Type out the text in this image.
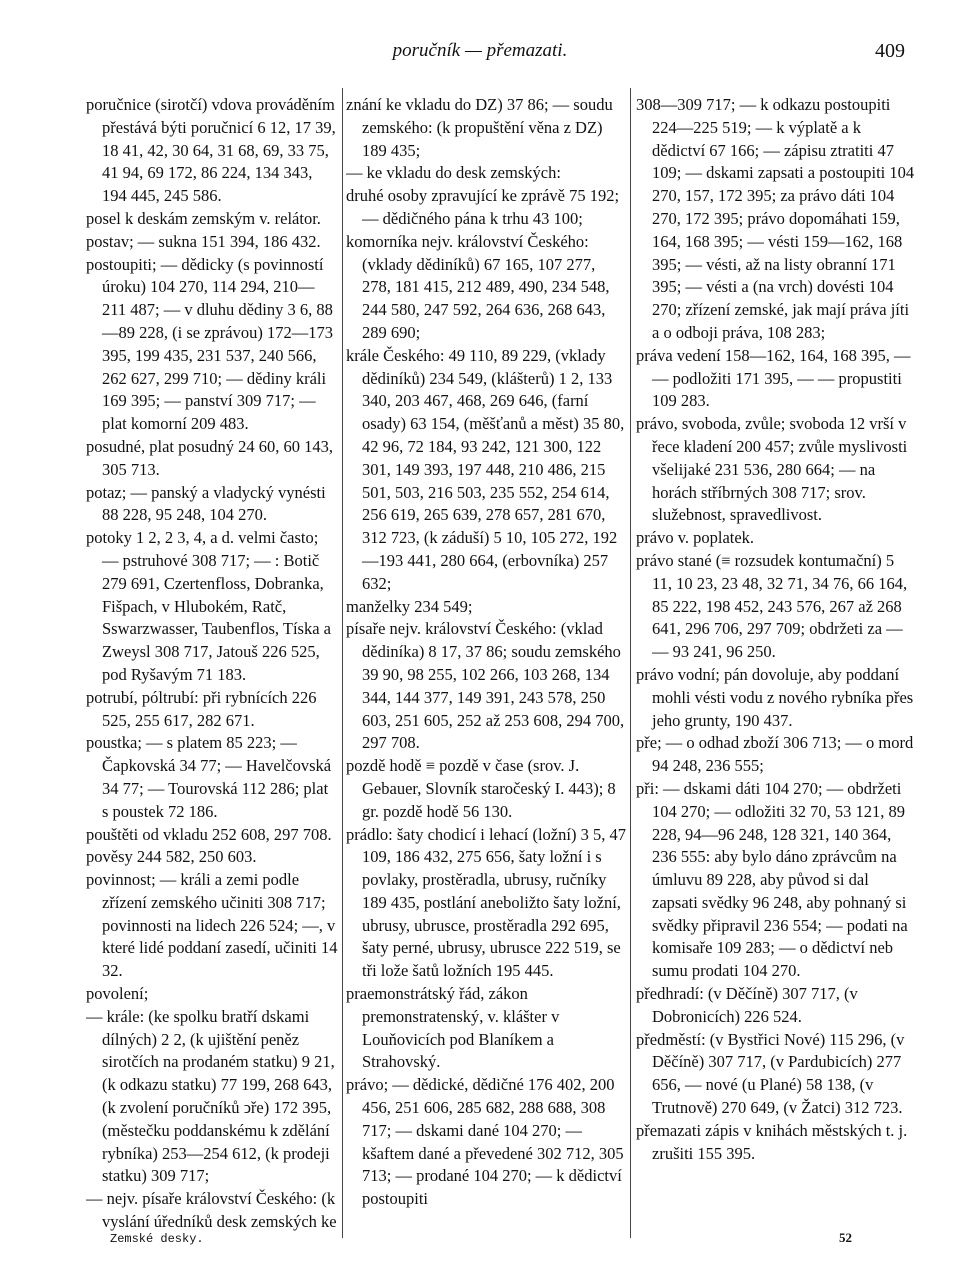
poručník — přemazati.	409

poručnice (sirotčí) vdova prováděním přestává býti poručnicí 6 12, 17 39, 18 41, 42, 30 64, 31 68, 69, 33 75, 41 94, 69 172, 86 224, 134 343, 194 445, 245 586.

posel k deskám zemským v. relátor.

postav; — sukna 151 394, 186 432.

postoupiti; — dědicky (s povinností úroku) 104 270, 114 294, 210—211 487; — v dluhu dědiny 3 6, 88—89 228, (i se zprávou) 172—173 395, 199 435, 231 537, 240 566, 262 627, 299 710; — dědiny králi 169 395; — panství 309 717; — plat komorní 209 483.

posudné, plat posudný 24 60, 60 143, 305 713.

potaz; — panský a vladycký vynésti 88 228, 95 248, 104 270.

potoky 1 2, 2 3, 4, a d. velmi často; — pstruhové 308 717; — : Botič 279 691, Czertenfloss, Dobranka, Fišpach, v Hlubokém, Ratč, Sswarzwasser, Taubenflos, Tíska a Zweysl 308 717, Jatouš 226 525, pod Ryšavým 71 183.

potrubí, póltrubí: při rybnících 226 525, 255 617, 282 671.

poustka; — s platem 85 223; — Čapkovská 34 77; — Havelčovská 34 77; — Tourovská 112 286; plat s poustek 72 186.

pouštěti od vkladu 252 608, 297 708.

pověsy 244 582, 250 603.

povinnost; — králi a zemi podle zřízení zemského učiniti 308 717; povinnosti na lidech 226 524; —, v které lidé poddaní zasedí, učiniti 14 32.

povolení;

— krále: (ke spolku bratří dskami dílných) 2 2, (k ujištění peněz sirotčích na prodaném statku) 9 21, (k odkazu statku) 77 199, 268 643, (k zvolení poručníků ↄře) 172 395, (městečku poddanskému k zdělání rybníka) 253—254 612, (k prodeji statku) 309 717;

— nejv. písaře království Českého: (k vyslání úředníků desk zemských ke

znání ke vkladu do DZ) 37 86; — soudu zemského: (k propuštění věna z DZ) 189 435;

— ke vkladu do desk zemských:

druhé osoby zpravující ke zprávě 75 192; — dědičného pána k trhu 43 100;

komorníka nejv. království Českého: (vklady dědiníků) 67 165, 107 277, 278, 181 415, 212 489, 490, 234 548, 244 580, 247 592, 264 636, 268 643, 289 690;

krále Českého: 49 110, 89 229, (vklady dědiníků) 234 549, (klášterů) 1 2, 133 340, 203 467, 468, 269 646, (farní osady) 63 154, (měšťanů a měst) 35 80, 42 96, 72 184, 93 242, 121 300, 122 301, 149 393, 197 448, 210 486, 215 501, 503, 216 503, 235 552, 254 614, 256 619, 265 639, 278 657, 281 670, 312 723, (k záduší) 5 10, 105 272, 192—193 441, 280 664, (erbovníka) 257 632;

manželky 234 549;

písaře nejv. království Českého: (vklad dědiníka) 8 17, 37 86; soudu zemského 39 90, 98 255, 102 266, 103 268, 134 344, 144 377, 149 391, 243 578, 250 603, 251 605, 252 až 253 608, 294 700, 297 708.

pozdě hodě ≡ pozdě v čase (srov. J. Gebauer, Slovník staročeský I. 443); 8 gr. pozdě hodě 56 130.

prádlo: šaty chodicí i lehací (ložní) 3 5, 47 109, 186 432, 275 656, šaty ložní i s povlaky, prostěradla, ubrusy, ručníky 189 435, postlání aneboližto šaty ložní, ubrusy, ubrusce, prostěradla 292 695, šaty perné, ubrusy, ubrusce 222 519, se tři lože šatů ložních 195 445.

praemonstrátský řád, zákon premonstratenský, v. klášter v Louňovicích pod Blaníkem a Strahovský.

právo; — dědické, dědičné 176 402, 200 456, 251 606, 285 682, 288 688, 308 717; — dskami dané 104 270; — kšaftem dané a převedené 302 712, 305 713; — prodané 104 270; — k dědictví postoupiti

308—309 717; — k odkazu postoupiti 224—225 519; — k výplatě a k dědictví 67 166; — zápisu ztratiti 47 109; — dskami zapsati a postoupiti 104 270, 157, 172 395; za právo dáti 104 270, 172 395; právo dopomáhati 159, 164, 168 395; — vésti 159—162, 168 395; — vésti, až na listy obranní 171 395; — vésti a (na vrch) dovésti 104 270; zřízení zemské, jak mají práva jíti a o odboji práva, 108 283;

práva vedení 158—162, 164, 168 395, — — podložiti 171 395, — — propustiti 109 283.

právo, svoboda, zvůle; svoboda 12 vrší v řece kladení 200 457; zvůle myslivosti všelijaké 231 536, 280 664; — na horách stříbrných 308 717; srov. služebnost, spravedlivost.

právo v. poplatek.

právo stané (≡ rozsudek kontumační) 5 11, 10 23, 23 48, 32 71, 34 76, 66 164, 85 222, 198 452, 243 576, 267 až 268 641, 296 706, 297 709; obdržeti za — — 93 241, 96 250.

právo vodní; pán dovoluje, aby poddaní mohli vésti vodu z nového rybníka přes jeho grunty, 190 437.

pře; — o odhad zboží 306 713; — o mord 94 248, 236 555;

při: — dskami dáti 104 270; — obdržeti 104 270; — odložiti 32 70, 53 121, 89 228, 94—96 248, 128 321, 140 364, 236 555: aby bylo dáno zprávcům na úmluvu 89 228, aby původ si dal zapsati svědky 96 248, aby pohnaný si svědky připravil 236 554; — podati na komisaře 109 283; — o dědictví neb sumu prodati 104 270.

předhradí: (v Děčíně) 307 717, (v Dobronicích) 226 524.

předměstí: (v Bystřici Nové) 115 296, (v Děčíně) 307 717, (v Pardubicích) 277 656, — nové (u Plané) 58 138, (v Trutnově) 270 649, (v Žatci) 312 723.

přemazati zápis v knihách městských t. j. zrušiti 155 395.

Zemské desky.	52
